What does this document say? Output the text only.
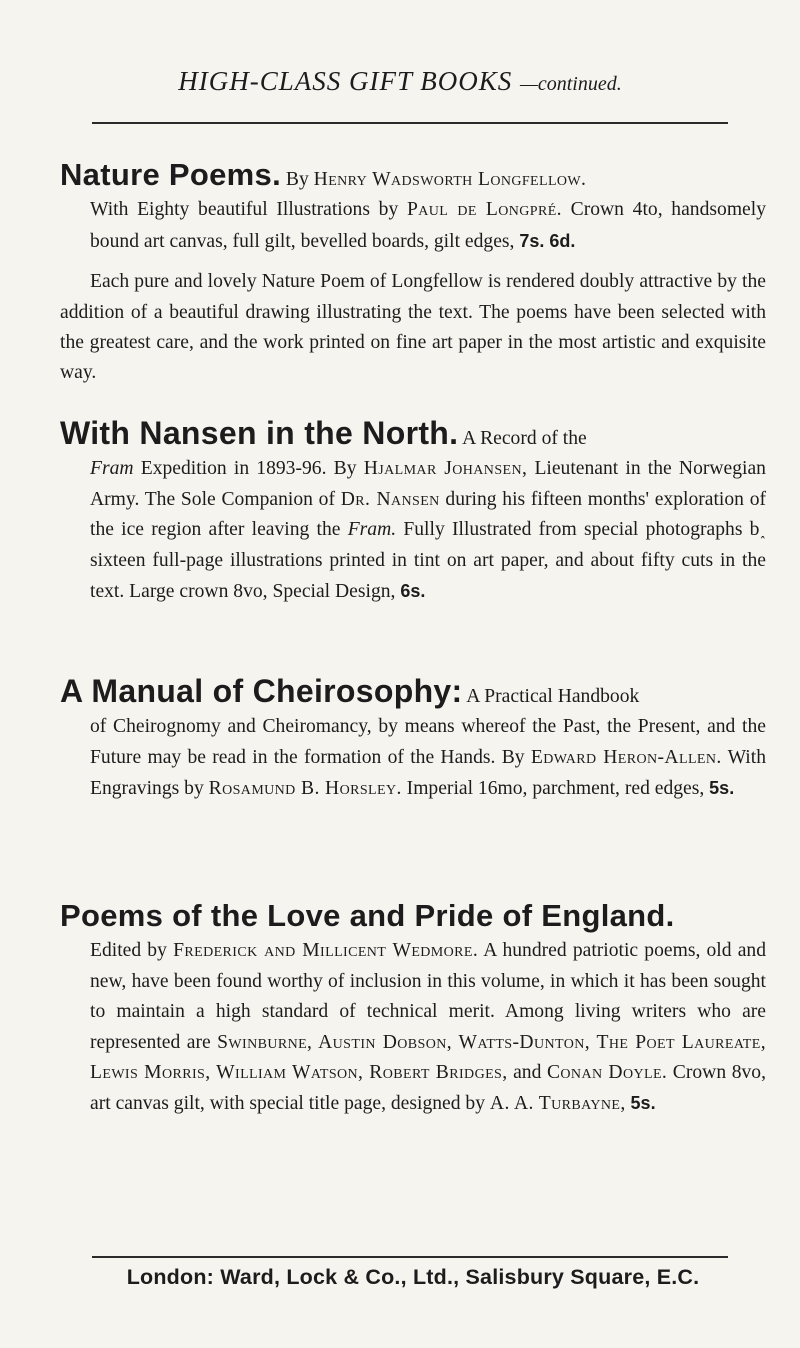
HIGH-CLASS GIFT BOOKS —continued.

Nature Poems. By Henry Wadsworth Longfellow.

With Eighty beautiful Illustrations by Paul de Longpré. Crown 4to, handsomely bound art canvas, full gilt, bevelled boards, gilt edges, 7s. 6d.

Each pure and lovely Nature Poem of Longfellow is rendered doubly attractive by the addition of a beautiful drawing illustrating the text. The poems have been selected with the greatest care, and the work printed on fine art paper in the most artistic and exquisite way.

With Nansen in the North. A Record of the

Fram Expedition in 1893-96. By Hjalmar Johansen, Lieutenant in the Norwegian Army. The Sole Companion of Dr. Nansen during his fifteen months' exploration of the ice region after leaving the Fram. Fully Illustrated from special photographs b˰ sixteen full-page illustrations printed in tint on art paper, and about fifty cuts in the text. Large crown 8vo, Special Design, 6s.

A Manual of Cheirosophy: A Practical Handbook

of Cheirognomy and Cheiromancy, by means whereof the Past, the Present, and the Future may be read in the formation of the Hands. By Edward Heron-Allen. With Engravings by Rosamund B. Horsley. Imperial 16mo, parchment, red edges, 5s.

Poems of the Love and Pride of England.

Edited by Frederick and Millicent Wedmore. A hundred patriotic poems, old and new, have been found worthy of inclusion in this volume, in which it has been sought to maintain a high standard of technical merit. Among living writers who are represented are Swinburne, Austin Dobson, Watts-Dunton, The Poet Laureate, Lewis Morris, William Watson, Robert Bridges, and Conan Doyle. Crown 8vo, art canvas gilt, with special title page, designed by A. A. Turbayne, 5s.

London: Ward, Lock & Co., Ltd., Salisbury Square, E.C.
